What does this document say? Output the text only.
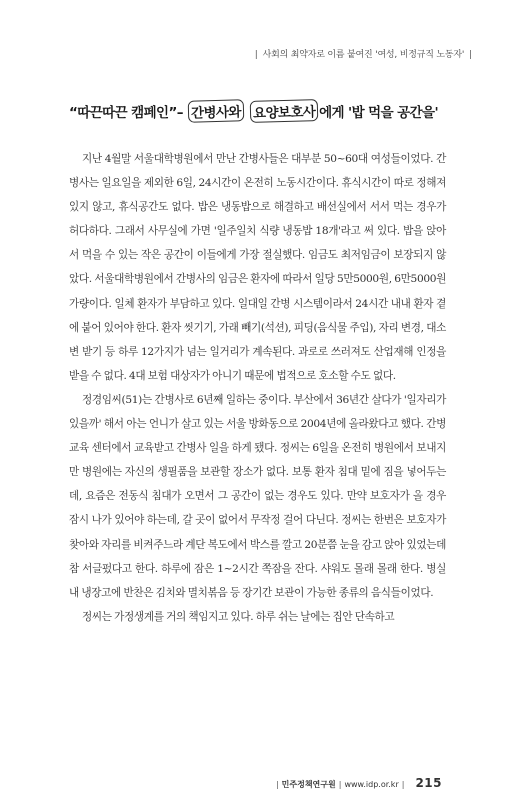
| 사회의 최약자로 이름 붙여진 '여성, 비정규직 노동자' |
“따끈따끈 캠페인”– 간병사와 요양보호사 에게 '밥 먹을 공간을'

지난 4월말 서울대학병원에서 만난 간병사들은 대부분 50~60대 여성들이었다. 간병사는 일요일을 제외한 6일, 24시간이 온전히 노동시간이다. 휴식시간이 따로 정해져 있지 않고, 휴식공간도 없다. 밥은 냉동밥으로 해결하고 배선실에서 서서 먹는 경우가 허다하다. 그래서 사무실에 가면 '일주일치 식량 냉동밥 18개'라고 써 있다. 밥을 앉아서 먹을 수 있는 작은 공간이 이들에게 가장 절실했다. 임금도 최저임금이 보장되지 않았다. 서울대학병원에서 간병사의 임금은 환자에 따라서 일당 5만5000원, 6만5000원 가량이다. 일체 환자가 부담하고 있다. 일대일 간병 시스템이라서 24시간 내내 환자 곁에 붙어 있어야 한다. 환자 씻기기, 가래 빼기(석션), 피딩(음식물 주입), 자리 변경, 대소변 받기 등 하루 12가지가 넘는 일거리가 계속된다. 과로로 쓰러져도 산업재해 인정을 받을 수 없다. 4대 보험 대상자가 아니기 때문에 법적으로 호소할 수도 없다.

정경임씨(51)는 간병사로 6년째 일하는 중이다. 부산에서 36년간 살다가 '일자리가 있을까' 해서 아는 언니가 살고 있는 서울 방화동으로 2004년에 올라왔다고 했다. 간병교육 센터에서 교육받고 간병사 일을 하게 됐다. 정씨는 6일을 온전히 병원에서 보내지만 병원에는 자신의 생필품을 보관할 장소가 없다. 보통 환자 침대 밑에 짐을 넣어두는데, 요즘은 전동식 침대가 오면서 그 공간이 없는 경우도 있다. 만약 보호자가 올 경우 잠시 나가 있어야 하는데, 갈 곳이 없어서 무작정 걸어 다닌다. 정씨는 한번은 보호자가 찾아와 자리를 비켜주느라 계단 복도에서 박스를 깔고 20분쯤 눈을 감고 앉아 있었는데 참 서글펐다고 한다. 하루에 잠은 1~2시간 쪽잠을 잔다. 샤워도 몰래 몰래 한다. 병실 내 냉장고에 반찬은 김치와 멸치볶음 등 장기간 보관이 가능한 종류의 음식들이었다.

정씨는 가정생계를 거의 책임지고 있다. 하루 쉬는 날에는 집안 단속하고

| 민주정책연구원 | www.idp.or.kr | 215
